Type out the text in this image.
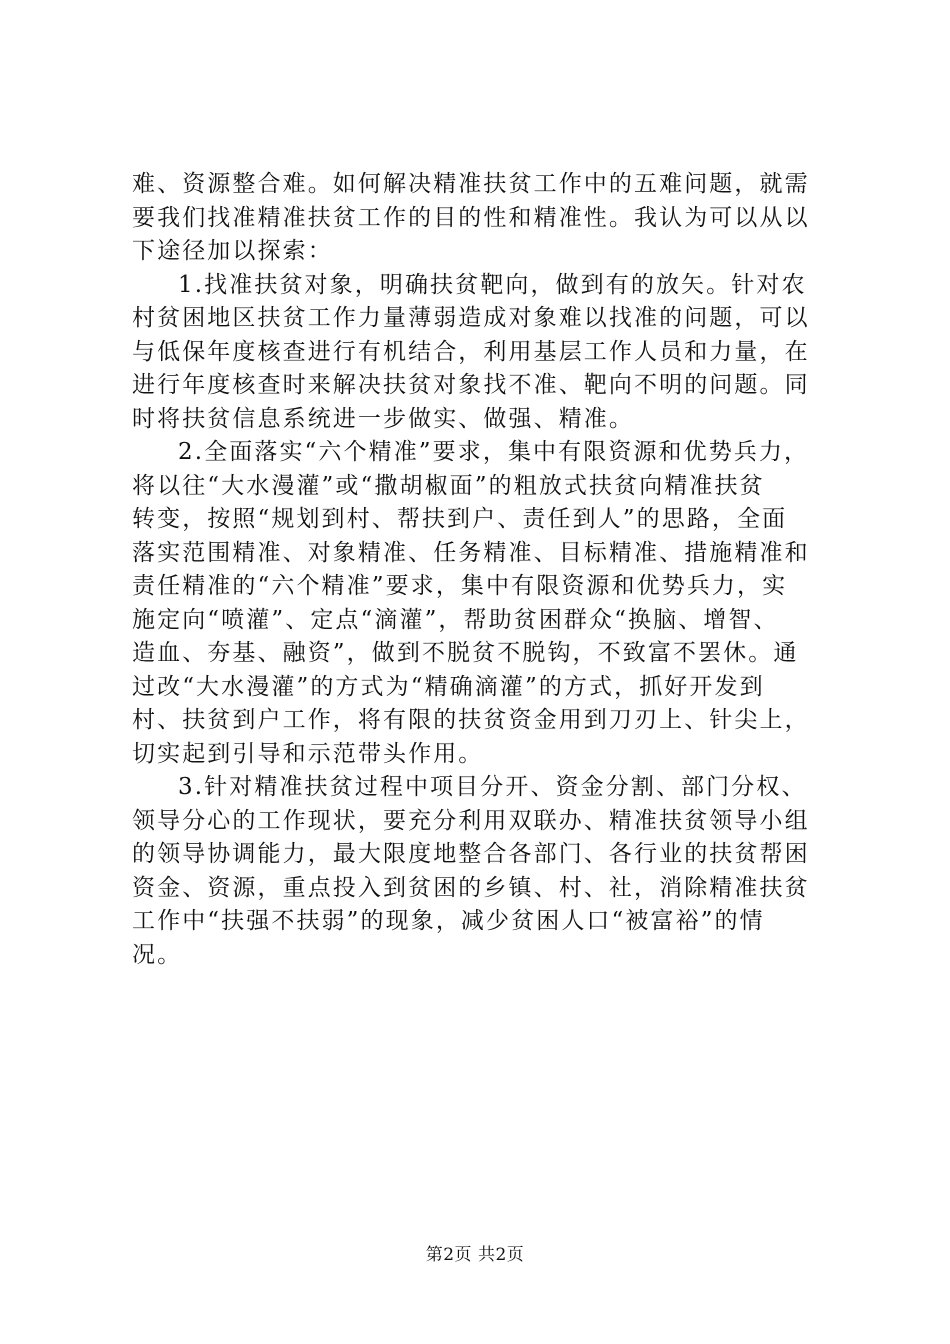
难、资源整合难。如何解决精准扶贫工作中的五难问题，就需
要我们找准精准扶贫工作的目的性和精准性。我认为可以从以
下途径加以探索：
1.找准扶贫对象，明确扶贫靶向，做到有的放矢。针对农
村贫困地区扶贫工作力量薄弱造成对象难以找准的问题，可以
与低保年度核查进行有机结合，利用基层工作人员和力量，在
进行年度核查时来解决扶贫对象找不准、靶向不明的问题。同
时将扶贫信息系统进一步做实、做强、精准。
2.全面落实“六个精准”要求，集中有限资源和优势兵力，
将以往“大水漫灌”或“撒胡椒面”的粗放式扶贫向精准扶贫
转变，按照“规划到村、帮扶到户、责任到人”的思路，全面
落实范围精准、对象精准、任务精准、目标精准、措施精准和
责任精准的“六个精准”要求，集中有限资源和优势兵力，实
施定向“喷灌”、定点“滴灌”，帮助贫困群众“换脑、增智、
造血、夯基、融资”，做到不脱贫不脱钩，不致富不罢休。通
过改“大水漫灌”的方式为“精确滴灌”的方式，抓好开发到
村、扶贫到户工作，将有限的扶贫资金用到刀刃上、针尖上，
切实起到引导和示范带头作用。
3.针对精准扶贫过程中项目分开、资金分割、部门分权、
领导分心的工作现状，要充分利用双联办、精准扶贫领导小组
的领导协调能力，最大限度地整合各部门、各行业的扶贫帮困
资金、资源，重点投入到贫困的乡镇、村、社，消除精准扶贫
工作中“扶强不扶弱”的现象，减少贫困人口“被富裕”的情
况。
第2页 共2页
